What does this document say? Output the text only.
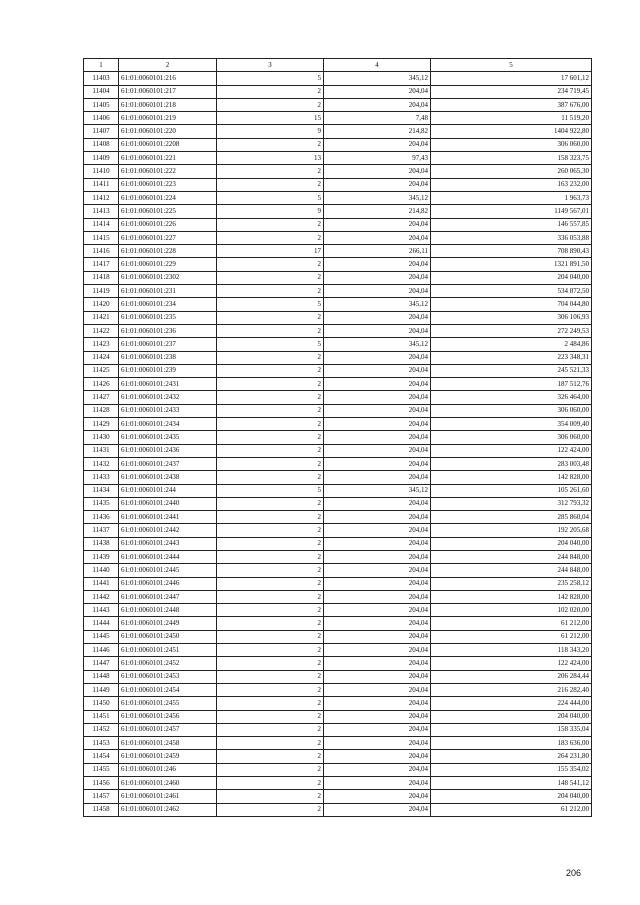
1	2	3	4	5
11403	61:01:0060101:216	5	345,12	17 601,12
11404	61:01:0060101:217	2	204,04	234 719,45
11405	61:01:0060101:218	2	204,04	387 676,00
11406	61:01:0060101:219	15	7,48	11 519,20
11407	61:01:0060101:220	9	214,82	1404 922,80
11408	61:01:0060101:2208	2	204,04	306 060,00
11409	61:01:0060101:221	13	97,43	158 323,75
11410	61:01:0060101:222	2	204,04	260 065,30
11411	61:01:0060101:223	2	204,04	163 232,00
11412	61:01:0060101:224	5	345,12	1 963,73
11413	61:01:0060101:225	9	214,82	1149 567,01
11414	61:01:0060101:226	2	204,04	146 557,85
11415	61:01:0060101:227	2	204,04	336 053,88
11416	61:01:0060101:228	17	266,11	708 890,43
11417	61:01:0060101:229	2	204,04	1321 891,50
11418	61:01:0060101:2302	2	204,04	204 040,00
11419	61:01:0060101:231	2	204,04	534 872,50
11420	61:01:0060101:234	5	345,12	704 044,80
11421	61:01:0060101:235	2	204,04	306 106,93
11422	61:01:0060101:236	2	204,04	272 249,53
11423	61:01:0060101:237	5	345,12	2 484,86
11424	61:01:0060101:238	2	204,04	223 348,31
11425	61:01:0060101:239	2	204,04	245 521,33
11426	61:01:0060101:2431	2	204,04	187 512,76
11427	61:01:0060101:2432	2	204,04	326 464,00
11428	61:01:0060101:2433	2	204,04	306 060,00
11429	61:01:0060101:2434	2	204,04	354 009,40
11430	61:01:0060101:2435	2	204,04	306 060,00
11431	61:01:0060101:2436	2	204,04	122 424,00
11432	61:01:0060101:2437	2	204,04	283 003,48
11433	61:01:0060101:2438	2	204,04	142 828,00
11434	61:01:0060101:244	5	345,12	105 261,60
11435	61:01:0060101:2440	2	204,04	312 793,32
11436	61:01:0060101:2441	2	204,04	285 860,04
11437	61:01:0060101:2442	2	204,04	192 205,68
11438	61:01:0060101:2443	2	204,04	204 040,00
11439	61:01:0060101:2444	2	204,04	244 848,00
11440	61:01:0060101:2445	2	204,04	244 848,00
11441	61:01:0060101:2446	2	204,04	235 258,12
11442	61:01:0060101:2447	2	204,04	142 828,00
11443	61:01:0060101:2448	2	204,04	102 020,00
11444	61:01:0060101:2449	2	204,04	61 212,00
11445	61:01:0060101:2450	2	204,04	61 212,00
11446	61:01:0060101:2451	2	204,04	118 343,20
11447	61:01:0060101:2452	2	204,04	122 424,00
11448	61:01:0060101:2453	2	204,04	206 284,44
11449	61:01:0060101:2454	2	204,04	216 282,40
11450	61:01:0060101:2455	2	204,04	224 444,00
11451	61:01:0060101:2456	2	204,04	204 040,00
11452	61:01:0060101:2457	2	204,04	158 335,04
11453	61:01:0060101:2458	2	204,04	183 636,00
11454	61:01:0060101:2459	2	204,04	264 231,80
11455	61:01:0060101:246	2	204,04	155 354,02
11456	61:01:0060101:2460	2	204,04	148 541,12
11457	61:01:0060101:2461	2	204,04	204 040,00
11458	61:01:0060101:2462	2	204,04	61 212,00
206
